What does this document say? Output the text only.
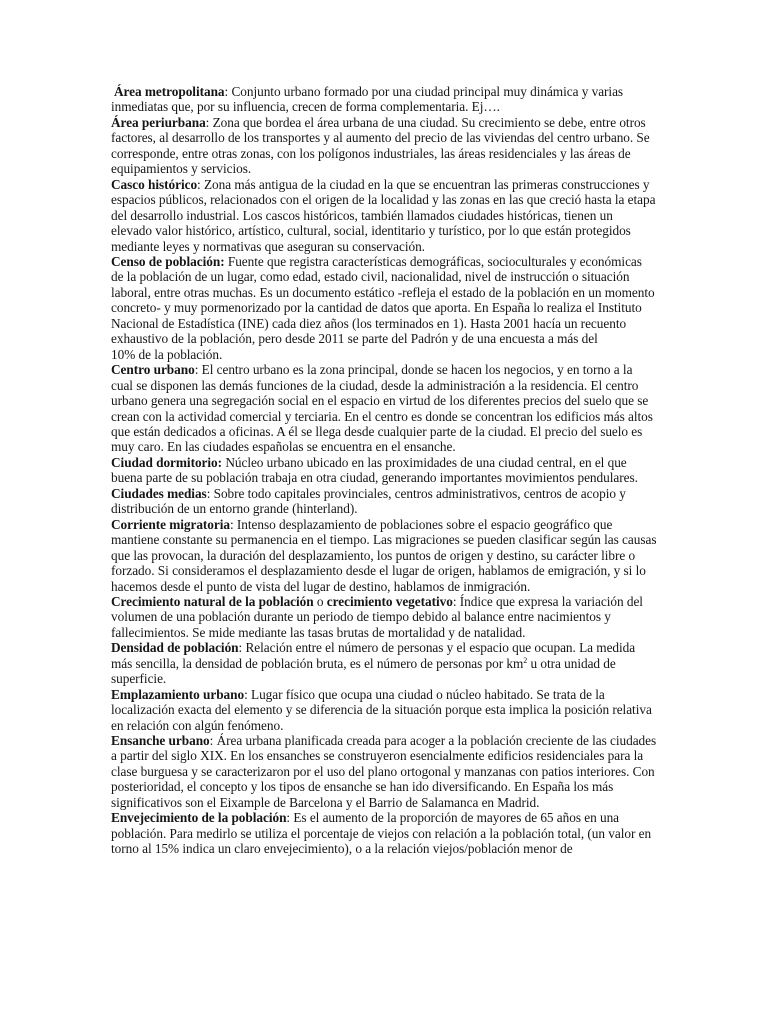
Área metropolitana: Conjunto urbano formado por una ciudad principal muy dinámica y varias inmediatas que, por su influencia, crecen de forma complementaria. Ej….

Área periurbana: Zona que bordea el área urbana de una ciudad. Su crecimiento se debe, entre otros factores, al desarrollo de los transportes y al aumento del precio de las viviendas del centro urbano. Se corresponde, entre otras zonas, con los polígonos industriales, las áreas residenciales y las áreas de equipamientos y servicios.

Casco histórico: Zona más antigua de la ciudad en la que se encuentran las primeras construcciones y espacios públicos, relacionados con el origen de la localidad y las zonas en las que creció hasta la etapa del desarrollo industrial. Los cascos históricos, también llamados ciudades históricas, tienen un elevado valor histórico, artístico, cultural, social, identitario y turístico, por lo que están protegidos mediante leyes y normativas que aseguran su conservación.

Censo de población: Fuente que registra características demográficas, socioculturales y económicas de la población de un lugar, como edad, estado civil, nacionalidad, nivel de instrucción o situación laboral, entre otras muchas. Es un documento estático -refleja el estado de la población en un momento concreto- y muy pormenorizado por la cantidad de datos que aporta. En España lo realiza el Instituto Nacional de Estadística (INE) cada diez años (los terminados en 1). Hasta 2001 hacía un recuento exhaustivo de la población, pero desde 2011 se parte del Padrón y de una encuesta a más del
10% de la población.

Centro urbano: El centro urbano es la zona principal, donde se hacen los negocios, y en torno a la cual se disponen las demás funciones de la ciudad, desde la administración a la residencia. El centro urbano genera una segregación social en el espacio en virtud de los diferentes precios del suelo que se crean con la actividad comercial y terciaria. En el centro es donde se concentran los edificios más altos que están dedicados a oficinas. A él se llega desde cualquier parte de la ciudad. El precio del suelo es muy caro. En las ciudades españolas se encuentra en el ensanche.

Ciudad dormitorio: Núcleo urbano ubicado en las proximidades de una ciudad central, en el que buena parte de su población trabaja en otra ciudad, generando importantes movimientos pendulares.

Ciudades medias: Sobre todo capitales provinciales, centros administrativos, centros de acopio y distribución de un entorno grande (hinterland).

Corriente migratoria: Intenso desplazamiento de poblaciones sobre el espacio geográfico que mantiene constante su permanencia en el tiempo. Las migraciones se pueden clasificar según las causas que las provocan, la duración del desplazamiento, los puntos de origen y destino, su carácter libre o forzado. Si consideramos el desplazamiento desde el lugar de origen, hablamos de emigración, y si lo hacemos desde el punto de vista del lugar de destino, hablamos de inmigración.

Crecimiento natural de la población o crecimiento vegetativo: Índice que expresa la variación del volumen de una población durante un periodo de tiempo debido al balance entre nacimientos y fallecimientos. Se mide mediante las tasas brutas de mortalidad y de natalidad.

Densidad de población: Relación entre el número de personas y el espacio que ocupan. La medida más sencilla, la densidad de población bruta, es el número de personas por $km^2$ u otra unidad de superficie.

Emplazamiento urbano: Lugar físico que ocupa una ciudad o núcleo habitado. Se trata de la localización exacta del elemento y se diferencia de la situación porque esta implica la posición relativa en relación con algún fenómeno.

Ensanche urbano: Área urbana planificada creada para acoger a la población creciente de las ciudades a partir del siglo XIX. En los ensanches se construyeron esencialmente edificios residenciales para la clase burguesa y se caracterizaron por el uso del plano ortogonal y manzanas con patios interiores. Con posterioridad, el concepto y los tipos de ensanche se han ido diversificando. En España los más significativos son el Eixample de Barcelona y el Barrio de Salamanca en Madrid.

Envejecimiento de la población: Es el aumento de la proporción de mayores de 65 años en una población. Para medirlo se utiliza el porcentaje de viejos con relación a la población total, (un valor en torno al 15% indica un claro envejecimiento), o a la relación viejos/población menor de
